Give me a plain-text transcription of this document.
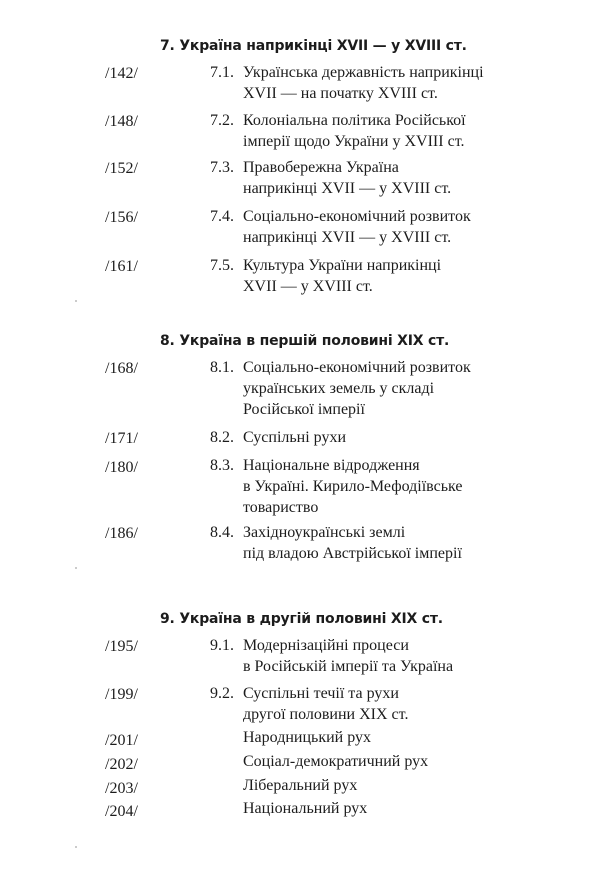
7. Україна наприкінці XVII — у XVIII ст.
/142/	7.1. Українська державність наприкінці
XVII — на початку XVIII ст.
/148/	7.2. Колоніальна політика Російської
імперії щодо України у XVIII ст.
/152/	7.3. Правобережна Україна
наприкінці XVII — у XVIII ст.
/156/	7.4. Соціально-економічний розвиток
наприкінці XVII — у XVIII ст.
/161/	7.5. Культура України наприкінці
XVII — у XVIII ст.
8. Україна в першій половині XIX ст.
/168/	8.1. Соціально-економічний розвиток
українських земель у складі
Російської імперії
/171/	8.2. Суспільні рухи
/180/	8.3. Національне відродження
в Україні. Кирило-Мефодіївське
товариство
/186/	8.4. Західноукраїнські землі
під владою Австрійської імперії
9. Україна в другій половині XIX ст.
/195/	9.1. Модернізаційні процеси
в Російській імперії та Україна
/199/	9.2. Суспільні течії та рухи
другої половини XIX ст.
/201/	Народницький рух
/202/	Соціал-демократичний рух
/203/	Ліберальний рух
/204/	Національний рух
